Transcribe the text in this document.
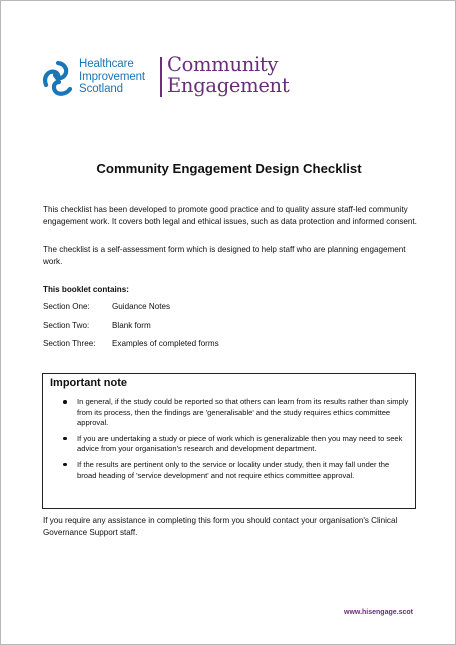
Healthcare
Improvement
Scotland
Community
Engagement
Community Engagement Design Checklist
This checklist has been developed to promote good practice and to quality assure staff-led community engagement work. It covers both legal and ethical issues, such as data protection and informed consent.
The checklist is a self-assessment form which is designed to help staff who are planning engagement work.
This booklet contains:
Section One:	Guidance Notes
Section Two:	Blank form
Section Three: Examples of completed forms
Important note
In general, if the study could be reported so that others can learn from its results rather than simply from its process, then the findings are 'generalisable' and the study requires ethics committee approval.
If you are undertaking a study or piece of work which is generalizable then you may need to seek advice from your organisation's research and development department.
If the results are pertinent only to the service or locality under study, then it may fall under the broad heading of 'service development' and not require ethics committee approval.
If you require any assistance in completing this form you should contact your organisation's Clinical Governance Support staff.
www.hisengage.scot
